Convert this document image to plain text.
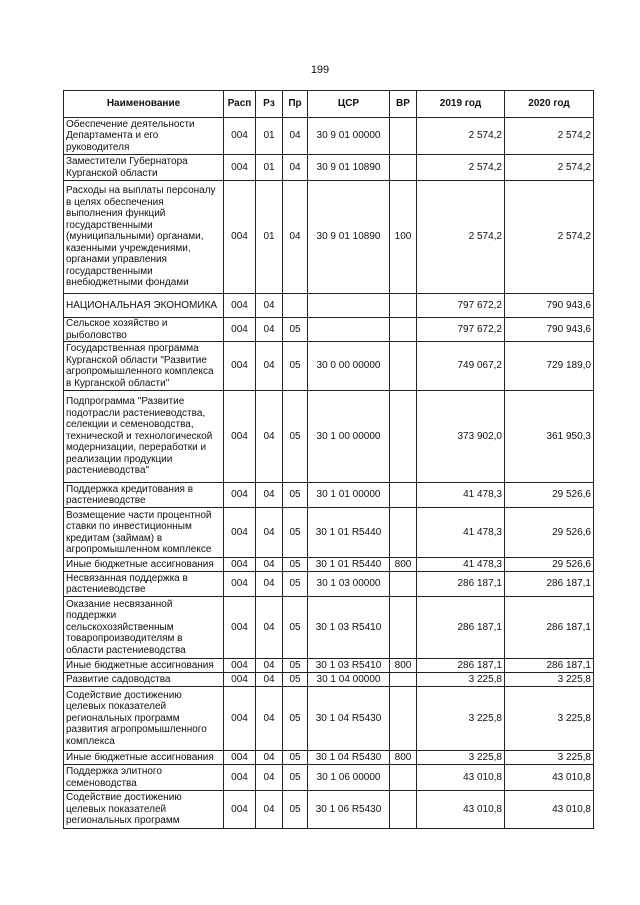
199
Наименование	Расп	Рз	Пр	ЦСР	ВР	2019 год	2020 год
Обеспечение деятельности Департамента и его руководителя	004	01	04	30 9 01 00000		2 574,2	2 574,2
Заместители Губернатора Курганской области	004	01	04	30 9 01 10890		2 574,2	2 574,2
Расходы на выплаты персоналу в целях обеспечения выполнения функций государственными (муниципальными) органами, казенными учреждениями, органами управления государственными внебюджетными фондами	004	01	04	30 9 01 10890	100	2 574,2	2 574,2
НАЦИОНАЛЬНАЯ ЭКОНОМИКА	004	04				797 672,2	790 943,6
Сельское хозяйство и рыболовство	004	04	05			797 672,2	790 943,6
Государственная программа Курганской области "Развитие агропромышленного комплекса в Курганской области"	004	04	05	30 0 00 00000		749 067,2	729 189,0
Подпрограмма "Развитие подотрасли растениеводства, селекции и семеноводства, технической и технологической модернизации, переработки и реализации продукции растениеводства"	004	04	05	30 1 00 00000		373 902,0	361 950,3
Поддержка кредитования в растениеводстве	004	04	05	30 1 01 00000		41 478,3	29 526,6
Возмещение части процентной ставки по инвестиционным кредитам (займам) в агропромышленном комплексе	004	04	05	30 1 01 R5440		41 478,3	29 526,6
Иные бюджетные ассигнования	004	04	05	30 1 01 R5440	800	41 478,3	29 526,6
Несвязанная поддержка в растениеводстве	004	04	05	30 1 03 00000		286 187,1	286 187,1
Оказание несвязанной поддержки сельскохозяйственным товаропроизводителям в области растениеводства	004	04	05	30 1 03 R5410		286 187,1	286 187,1
Иные бюджетные ассигнования	004	04	05	30 1 03 R5410	800	286 187,1	286 187,1
Развитие садоводства	004	04	05	30 1 04 00000		3 225,8	3 225,8
Содействие достижению целевых показателей региональных программ развития агропромышленного комплекса	004	04	05	30 1 04 R5430		3 225,8	3 225,8
Иные бюджетные ассигнования	004	04	05	30 1 04 R5430	800	3 225,8	3 225,8
Поддержка элитного семеноводства	004	04	05	30 1 06 00000		43 010,8	43 010,8
Содействие достижению целевых показателей региональных программ	004	04	05	30 1 06 R5430		43 010,8	43 010,8
